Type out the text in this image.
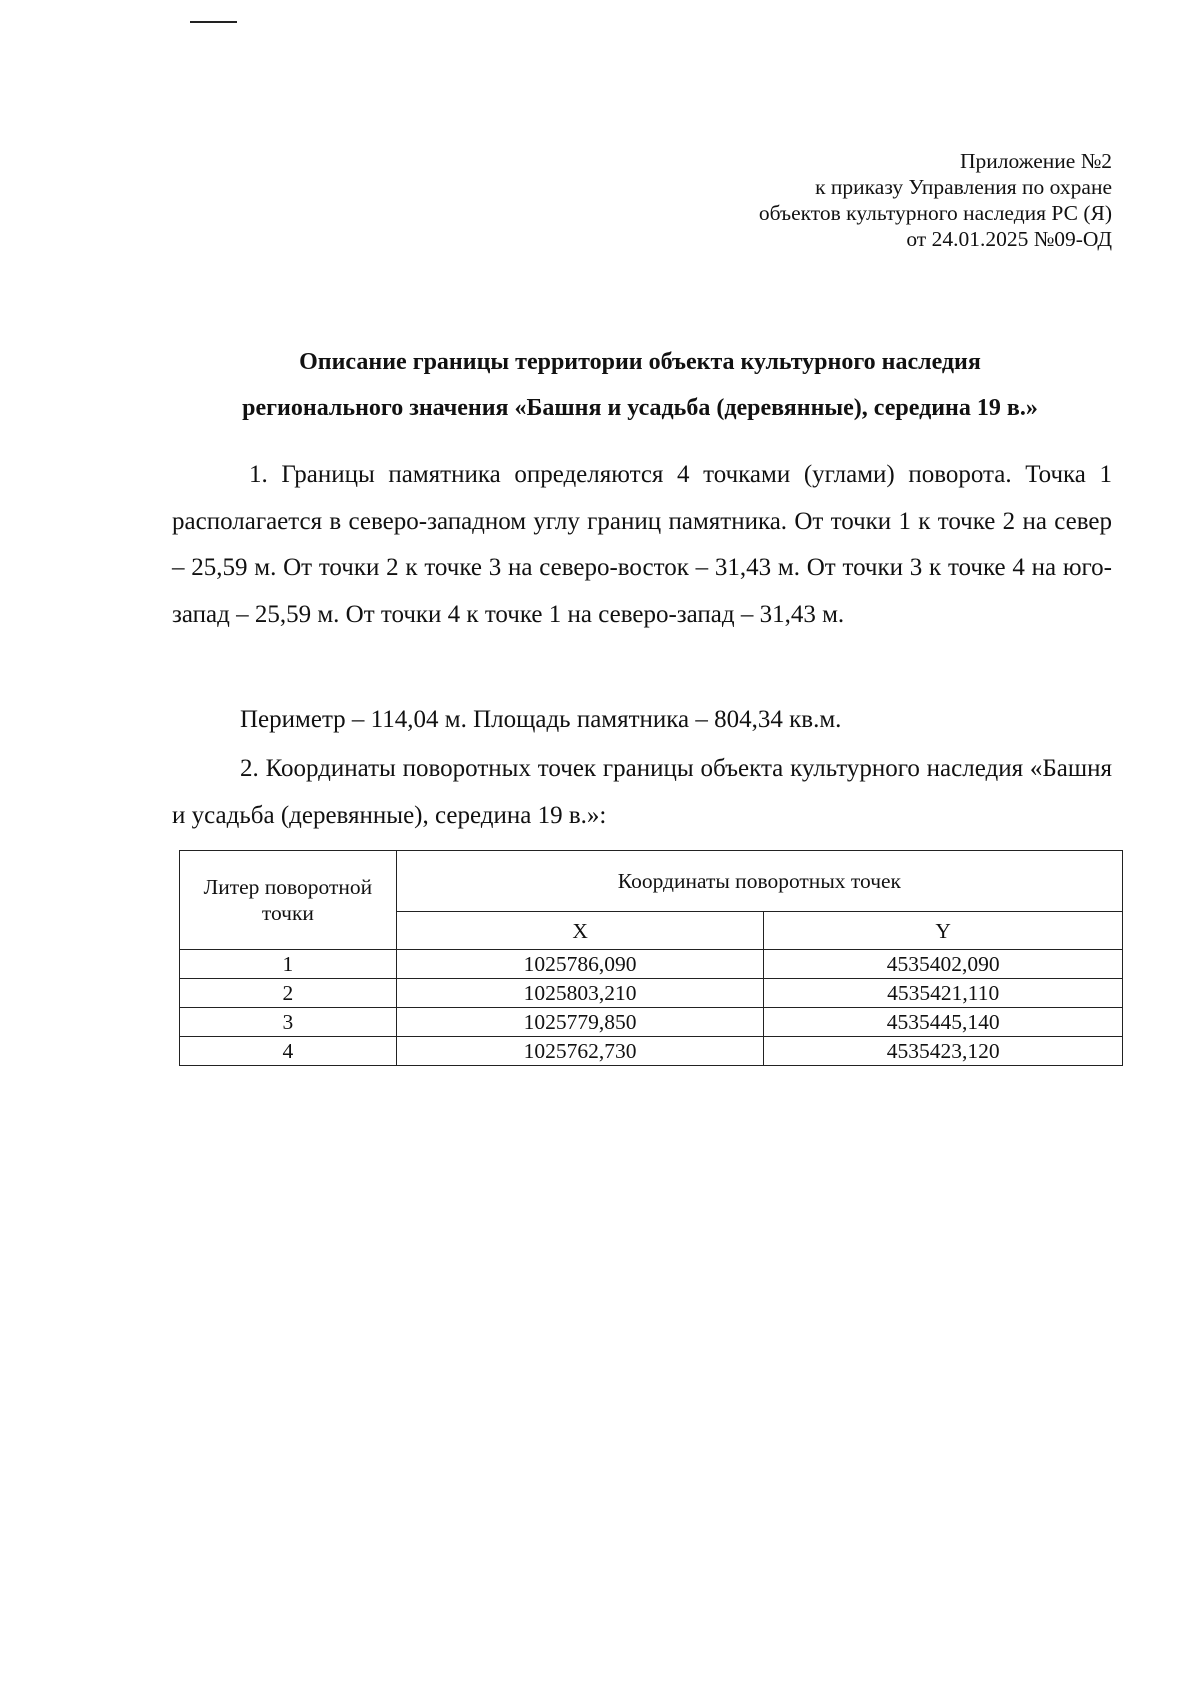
Приложение №2
к приказу Управления по охране
объектов культурного наследия РС (Я)
от 24.01.2025 №09-ОД
Описание границы территории объекта культурного наследия
регионального значения «Башня и усадьба (деревянные), середина 19 в.»

1. Границы памятника определяются 4 точками (углами) поворота. Точка 1 располагается в северо-западном углу границ памятника. От точки 1 к точке 2 на север – 25,59 м. От точки 2 к точке 3 на северо-восток – 31,43 м. От точки 3 к точке 4 на юго-запад – 25,59 м. От точки 4 к точке 1 на северо-запад – 31,43 м.

Периметр – 114,04 м. Площадь памятника – 804,34 кв.м.

2. Координаты поворотных точек границы объекта культурного наследия «Башня и усадьба (деревянные), середина 19 в.»:

Литер поворотной точки	Координаты поворотных точек	
	X	Y
1	1025786,090	4535402,090
2	1025803,210	4535421,110
3	1025779,850	4535445,140
4	1025762,730	4535423,120
